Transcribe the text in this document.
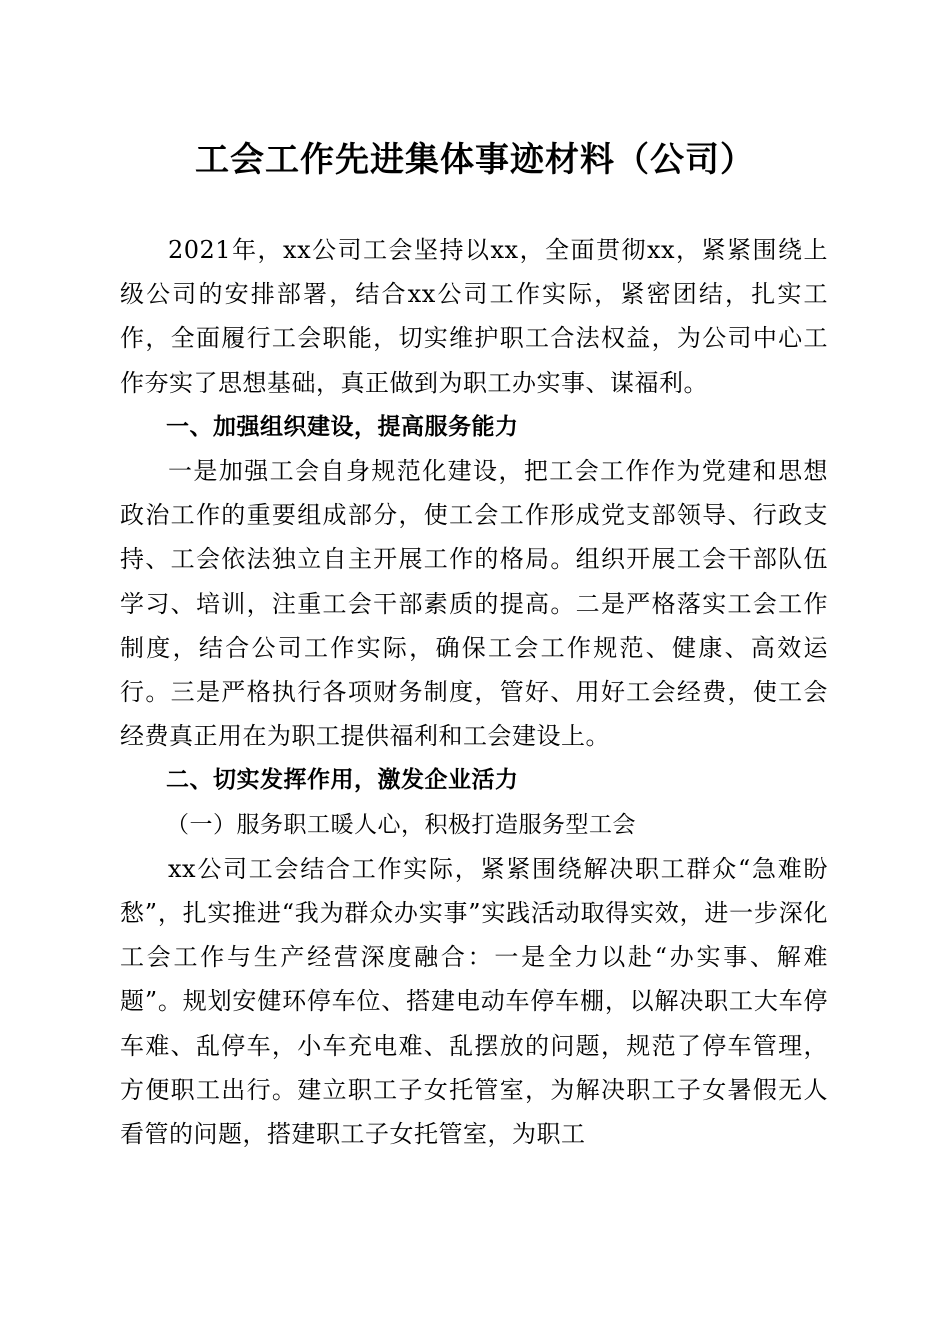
工会工作先进集体事迹材料（公司）

2021年，xx公司工会坚持以xx，全面贯彻xx，紧紧围绕上级公司的安排部署，结合xx公司工作实际，紧密团结，扎实工作，全面履行工会职能，切实维护职工合法权益，为公司中心工作夯实了思想基础，真正做到为职工办实事、谋福利。

一、加强组织建设，提高服务能力

一是加强工会自身规范化建设，把工会工作作为党建和思想政治工作的重要组成部分，使工会工作形成党支部领导、行政支持、工会依法独立自主开展工作的格局。组织开展工会干部队伍学习、培训，注重工会干部素质的提高。二是严格落实工会工作制度，结合公司工作实际，确保工会工作规范、健康、高效运行。三是严格执行各项财务制度，管好、用好工会经费，使工会经费真正用在为职工提供福利和工会建设上。

二、切实发挥作用，激发企业活力

（一）服务职工暖人心，积极打造服务型工会

xx公司工会结合工作实际，紧紧围绕解决职工群众“急难盼愁”，扎实推进“我为群众办实事”实践活动取得实效，进一步深化工会工作与生产经营深度融合：一是全力以赴“办实事、解难题”。规划安健环停车位、搭建电动车停车棚，以解决职工大车停车难、乱停车，小车充电难、乱摆放的问题，规范了停车管理，方便职工出行。建立职工子女托管室，为解决职工子女暑假无人看管的问题，搭建职工子女托管室，为职工
